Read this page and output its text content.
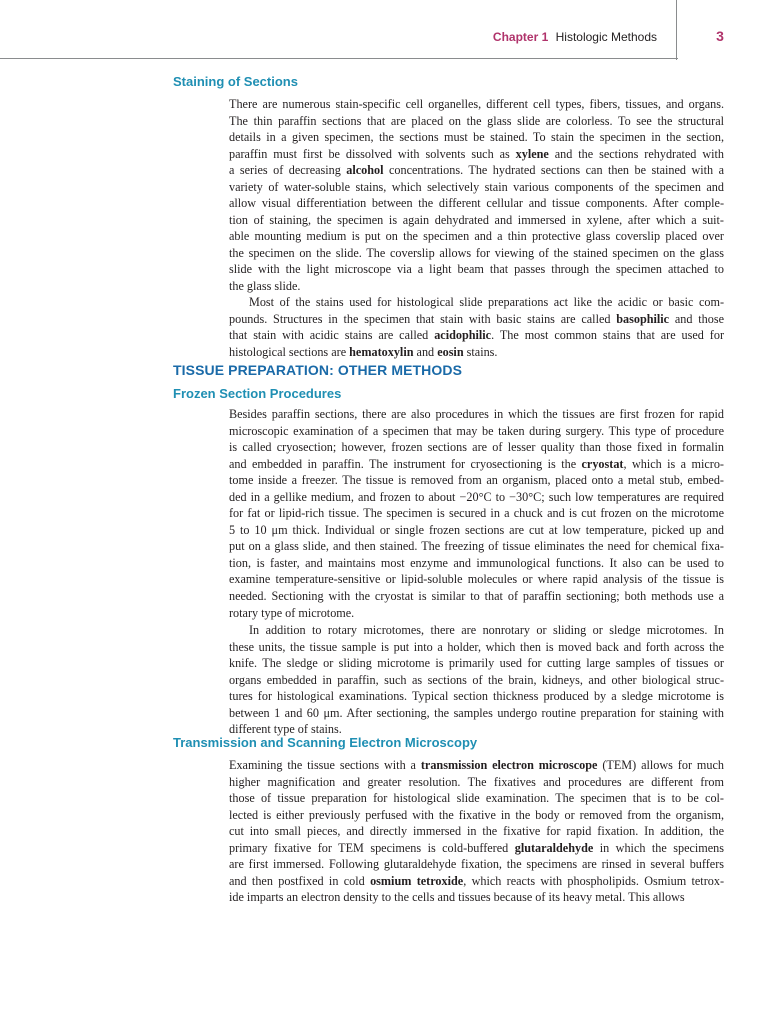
Chapter 1 Histologic Methods	3
Staining of Sections
There are numerous stain-specific cell organelles, different cell types, fibers, tissues, and organs.
The thin paraffin sections that are placed on the glass slide are colorless. To see the structural
details in a given specimen, the sections must be stained. To stain the specimen in the section,
paraffin must first be dissolved with solvents such as xylene and the sections rehydrated with
a series of decreasing alcohol concentrations. The hydrated sections can then be stained with a
variety of water-soluble stains, which selectively stain various components of the specimen and
allow visual differentiation between the different cellular and tissue components. After comple-
tion of staining, the specimen is again dehydrated and immersed in xylene, after which a suit-
able mounting medium is put on the specimen and a thin protective glass coverslip placed over
the specimen on the slide. The coverslip allows for viewing of the stained specimen on the glass
slide with the light microscope via a light beam that passes through the specimen attached to
the glass slide.
Most of the stains used for histological slide preparations act like the acidic or basic com-
pounds. Structures in the specimen that stain with basic stains are called basophilic and those
that stain with acidic stains are called acidophilic. The most common stains that are used for
histological sections are hematoxylin and eosin stains.
TISSUE PREPARATION: OTHER METHODS
Frozen Section Procedures
Besides paraffin sections, there are also procedures in which the tissues are first frozen for rapid
microscopic examination of a specimen that may be taken during surgery. This type of procedure
is called cryosection; however, frozen sections are of lesser quality than those fixed in formalin
and embedded in paraffin. The instrument for cryosectioning is the cryostat, which is a micro-
tome inside a freezer. The tissue is removed from an organism, placed onto a metal stub, embed-
ded in a gellike medium, and frozen to about −20°C to −30°C; such low temperatures are required
for fat or lipid-rich tissue. The specimen is secured in a chuck and is cut frozen on the microtome
5 to 10 μm thick. Individual or single frozen sections are cut at low temperature, picked up and
put on a glass slide, and then stained. The freezing of tissue eliminates the need for chemical fixa-
tion, is faster, and maintains most enzyme and immunological functions. It also can be used to
examine temperature-sensitive or lipid-soluble molecules or where rapid analysis of the tissue is
needed. Sectioning with the cryostat is similar to that of paraffin sectioning; both methods use a
rotary type of microtome.
In addition to rotary microtomes, there are nonrotary or sliding or sledge microtomes. In
these units, the tissue sample is put into a holder, which then is moved back and forth across the
knife. The sledge or sliding microtome is primarily used for cutting large samples of tissues or
organs embedded in paraffin, such as sections of the brain, kidneys, and other biological struc-
tures for histological examinations. Typical section thickness produced by a sledge microtome is
between 1 and 60 μm. After sectioning, the samples undergo routine preparation for staining with
different type of stains.
Transmission and Scanning Electron Microscopy
Examining the tissue sections with a transmission electron microscope (TEM) allows for much
higher magnification and greater resolution. The fixatives and procedures are different from
those of tissue preparation for histological slide examination. The specimen that is to be col-
lected is either previously perfused with the fixative in the body or removed from the organism,
cut into small pieces, and directly immersed in the fixative for rapid fixation. In addition, the
primary fixative for TEM specimens is cold-buffered glutaraldehyde in which the specimens
are first immersed. Following glutaraldehyde fixation, the specimens are rinsed in several buffers
and then postfixed in cold osmium tetroxide, which reacts with phospholipids. Osmium tetrox-
ide imparts an electron density to the cells and tissues because of its heavy metal. This allows
